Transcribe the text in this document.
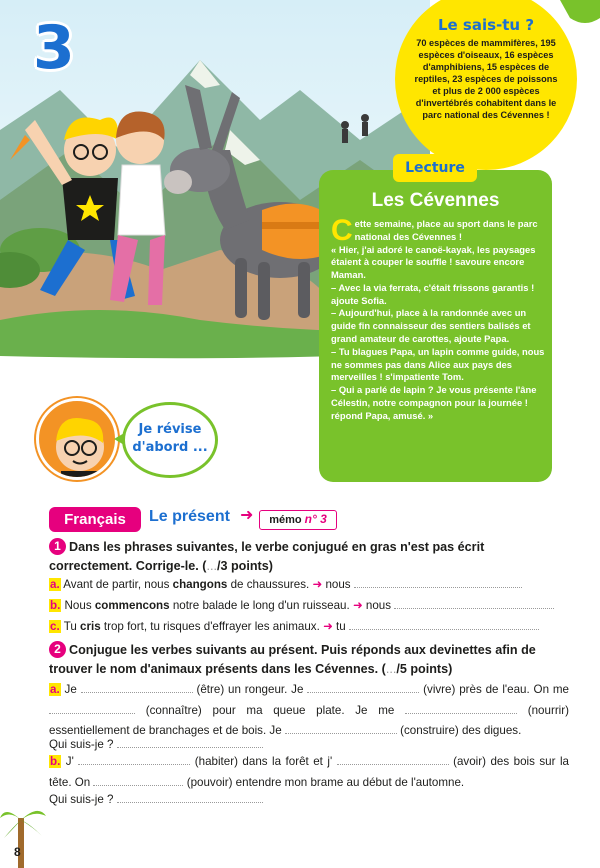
3	Le sais-tu ?
70 espèces de mammifères, 195 espèces d'oiseaux, 16 espèces d'amphibiens, 15 espèces de reptiles, 23 espèces de poissons et plus de 2 000 espèces d'invertébrés cohabitent dans le parc national des Cévennes !
Lecture
Les Cévennes
Cette semaine, place au sport dans le parc national des Cévennes !
« Hier, j'ai adoré le canoë-kayak, les paysages étaient à couper le souffle ! savoure encore Maman.
– Avec la via ferrata, c'était frissons garantis ! ajoute Sofia.
– Aujourd'hui, place à la randonnée avec un guide fin connaisseur des sentiers balisés et grand amateur de carottes, ajoute Papa.
– Tu blagues Papa, un lapin comme guide, nous ne sommes pas dans Alice aux pays des merveilles ! s'impatiente Tom.
– Qui a parlé de lapin ? Je vous présente l'âne Célestin, notre compagnon pour la journée ! répond Papa, amusé. »
Je révise
d'abord ...
Français	Le présent ➜	mémo n° 3
1 Dans les phrases suivantes, le verbe conjugué en gras n'est pas écrit correctement. Corrige-le. (.../3 points)
a. Avant de partir, nous changons de chaussures. ➜ nous
b. Nous commencons notre balade le long d'un ruisseau. ➜ nous
c. Tu cris trop fort, tu risques d'effrayer les animaux. ➜ tu
2 Conjugue les verbes suivants au présent. Puis réponds aux devinettes afin de trouver le nom d'animaux présents dans les Cévennes. (.../5 points)
a. Je	(être) un rongeur. Je	(vivre) près de l'eau. On me  (connaître) pour ma queue plate. Je me	(nourrir) essentiellement de branchages et de bois. Je	(construire) des digues.
Qui suis-je ?
b. J'	(habiter) dans la forêt et j'	(avoir) des bois sur la tête. On	(pouvoir) entendre mon brame au début de l'automne.
Qui suis-je ?
8
